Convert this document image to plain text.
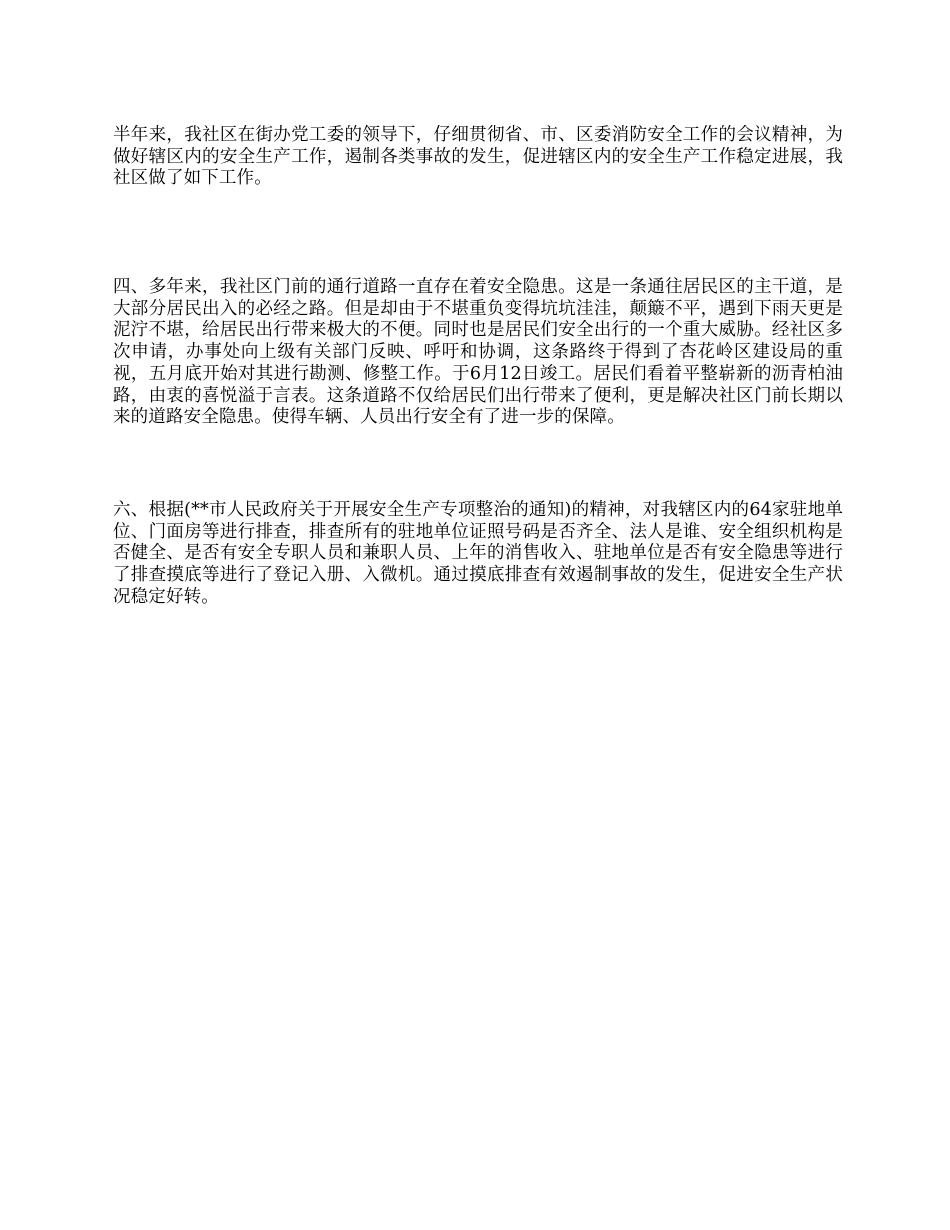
半年来，我社区在街办党工委的领导下，仔细贯彻省、市、区委消防安全工作的会议精神，为做好辖区内的安全生产工作，遏制各类事故的发生，促进辖区内的安全生产工作稳定进展，我社区做了如下工作。

四、多年来，我社区门前的通行道路一直存在着安全隐患。这是一条通往居民区的主干道，是大部分居民出入的必经之路。但是却由于不堪重负变得坑坑洼洼，颠簸不平，遇到下雨天更是泥泞不堪，给居民出行带来极大的不便。同时也是居民们安全出行的一个重大威胁。经社区多次申请，办事处向上级有关部门反映、呼吁和协调，这条路终于得到了杏花岭区建设局的重视，五月底开始对其进行勘测、修整工作。于6月12日竣工。居民们看着平整崭新的沥青柏油路，由衷的喜悦溢于言表。这条道路不仅给居民们出行带来了便利，更是解决社区门前长期以来的道路安全隐患。使得车辆、人员出行安全有了进一步的保障。

六、根据(**市人民政府关于开展安全生产专项整治的通知)的精神，对我辖区内的64家驻地单位、门面房等进行排查，排查所有的驻地单位证照号码是否齐全、法人是谁、安全组织机构是否健全、是否有安全专职人员和兼职人员、上年的消售收入、驻地单位是否有安全隐患等进行了排查摸底等进行了登记入册、入微机。通过摸底排查有效遏制事故的发生，促进安全生产状况稳定好转。
